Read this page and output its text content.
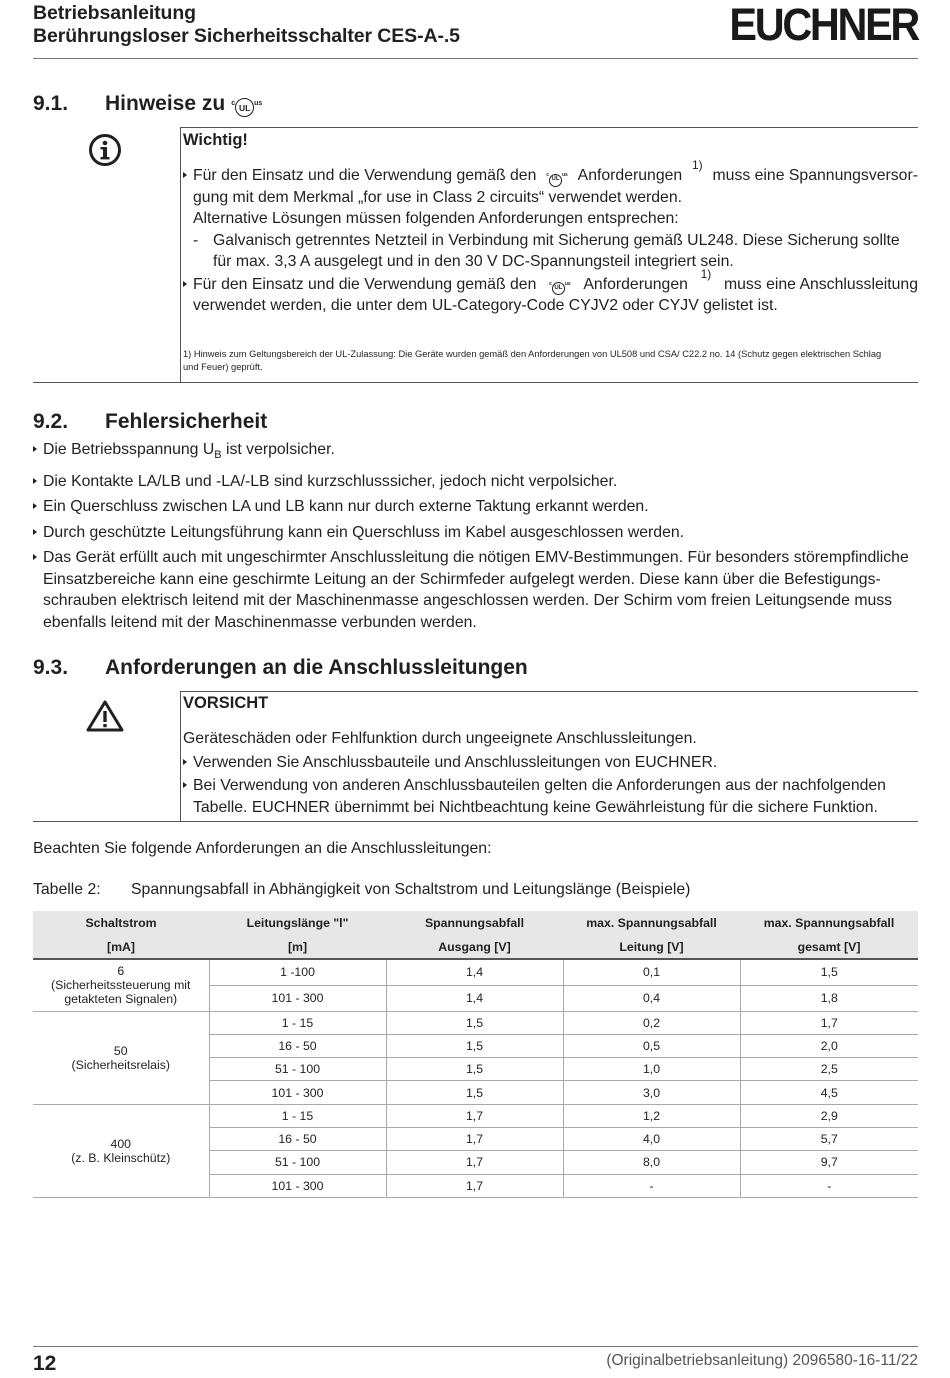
Betriebsanleitung
Berührungsloser Sicherheitsschalter CES-A-.5	EUCHNER
9.1. Hinweise zu c UL us
Wichtig!
Für den Einsatz und die Verwendung gemäß den c
UL
us Anforderungen
1)
muss eine Spannungsversor-
gung mit dem Merkmal „for use in Class 2 circuits“ verwendet werden.
Alternative Lösungen müssen folgenden Anforderungen entsprechen:
- Galvanisch getrenntes Netzteil in Verbindung mit Sicherung gemäß UL248. Diese Sicherung sollte
für max. 3,3 A ausgelegt und in den 30 V DC-Spannungsteil integriert sein.
Für den Einsatz und die Verwendung gemäß den	c
UL
us Anforderungen
1)
muss eine Anschlussleitung
verwendet werden, die unter dem UL-Category-Code CYJV2 oder CYJV gelistet ist.
1) Hinweis zum Geltungsbereich der UL-Zulassung: Die Geräte wurden gemäß den Anforderungen von UL508 und CSA/ C22.2 no. 14 (Schutz gegen elektrischen Schlag
und Feuer) geprüft.
9.2. Fehlersicherheit
Die Betriebsspannung $U_B$ ist verpolsicher.
Die Kontakte LA/LB und -LA/-LB sind kurzschlusssicher, jedoch nicht verpolsicher.
Ein Querschluss zwischen LA und LB kann nur durch externe Taktung erkannt werden.
Durch geschützte Leitungsführung kann ein Querschluss im Kabel ausgeschlossen werden.
Das Gerät erfüllt auch mit ungeschirmter Anschlussleitung die nötigen EMV-Bestimmungen. Für besonders störempfindliche
Einsatzbereiche kann eine geschirmte Leitung an der Schirmfeder aufgelegt werden. Diese kann über die Befestigungs-
schrauben elektrisch leitend mit der Maschinenmasse angeschlossen werden. Der Schirm vom freien Leitungsende muss
ebenfalls leitend mit der Maschinenmasse verbunden werden.
9.3. Anforderungen an die Anschlussleitungen
VORSICHT
Geräteschäden oder Fehlfunktion durch ungeeignete Anschlussleitungen.
Verwenden Sie Anschlussbauteile und Anschlussleitungen von EUCHNER.
Bei Verwendung von anderen Anschlussbauteilen gelten die Anforderungen aus der nachfolgenden
Tabelle. EUCHNER übernimmt bei Nichtbeachtung keine Gewährleistung für die sichere Funktion.
Beachten Sie folgende Anforderungen an die Anschlussleitungen:
Tabelle 2: Spannungsabfall in Abhängigkeit von Schaltstrom und Leitungslänge (Beispiele)
Schaltstrom	Leitungslänge "l"	Spannungsabfall	max. Spannungsabfall	max. Spannungsabfall
[mA]	[m]	Ausgang [V]	Leitung [V]	gesamt [V]

6
(Sicherheitssteuerung mit
getakteten Signalen)	1 -100	1,4	0,1	1,5
	101 - 300	1,4	0,4	1,8

50
(Sicherheitsrelais)	1 - 15	1,5	0,2	1,7
	16 - 50	1,5	0,5	2,0
	51 - 100	1,5	1,0	2,5
	101 - 300	1,5	3,0	4,5

400
(z. B. Kleinschütz)	1 - 15	1,7	1,2	2,9
	16 - 50	1,7	4,0	5,7
	51 - 100	1,7	8,0	9,7
	101 - 300	1,7	-	-
12	(Originalbetriebsanleitung) 2096580-16-11/22
